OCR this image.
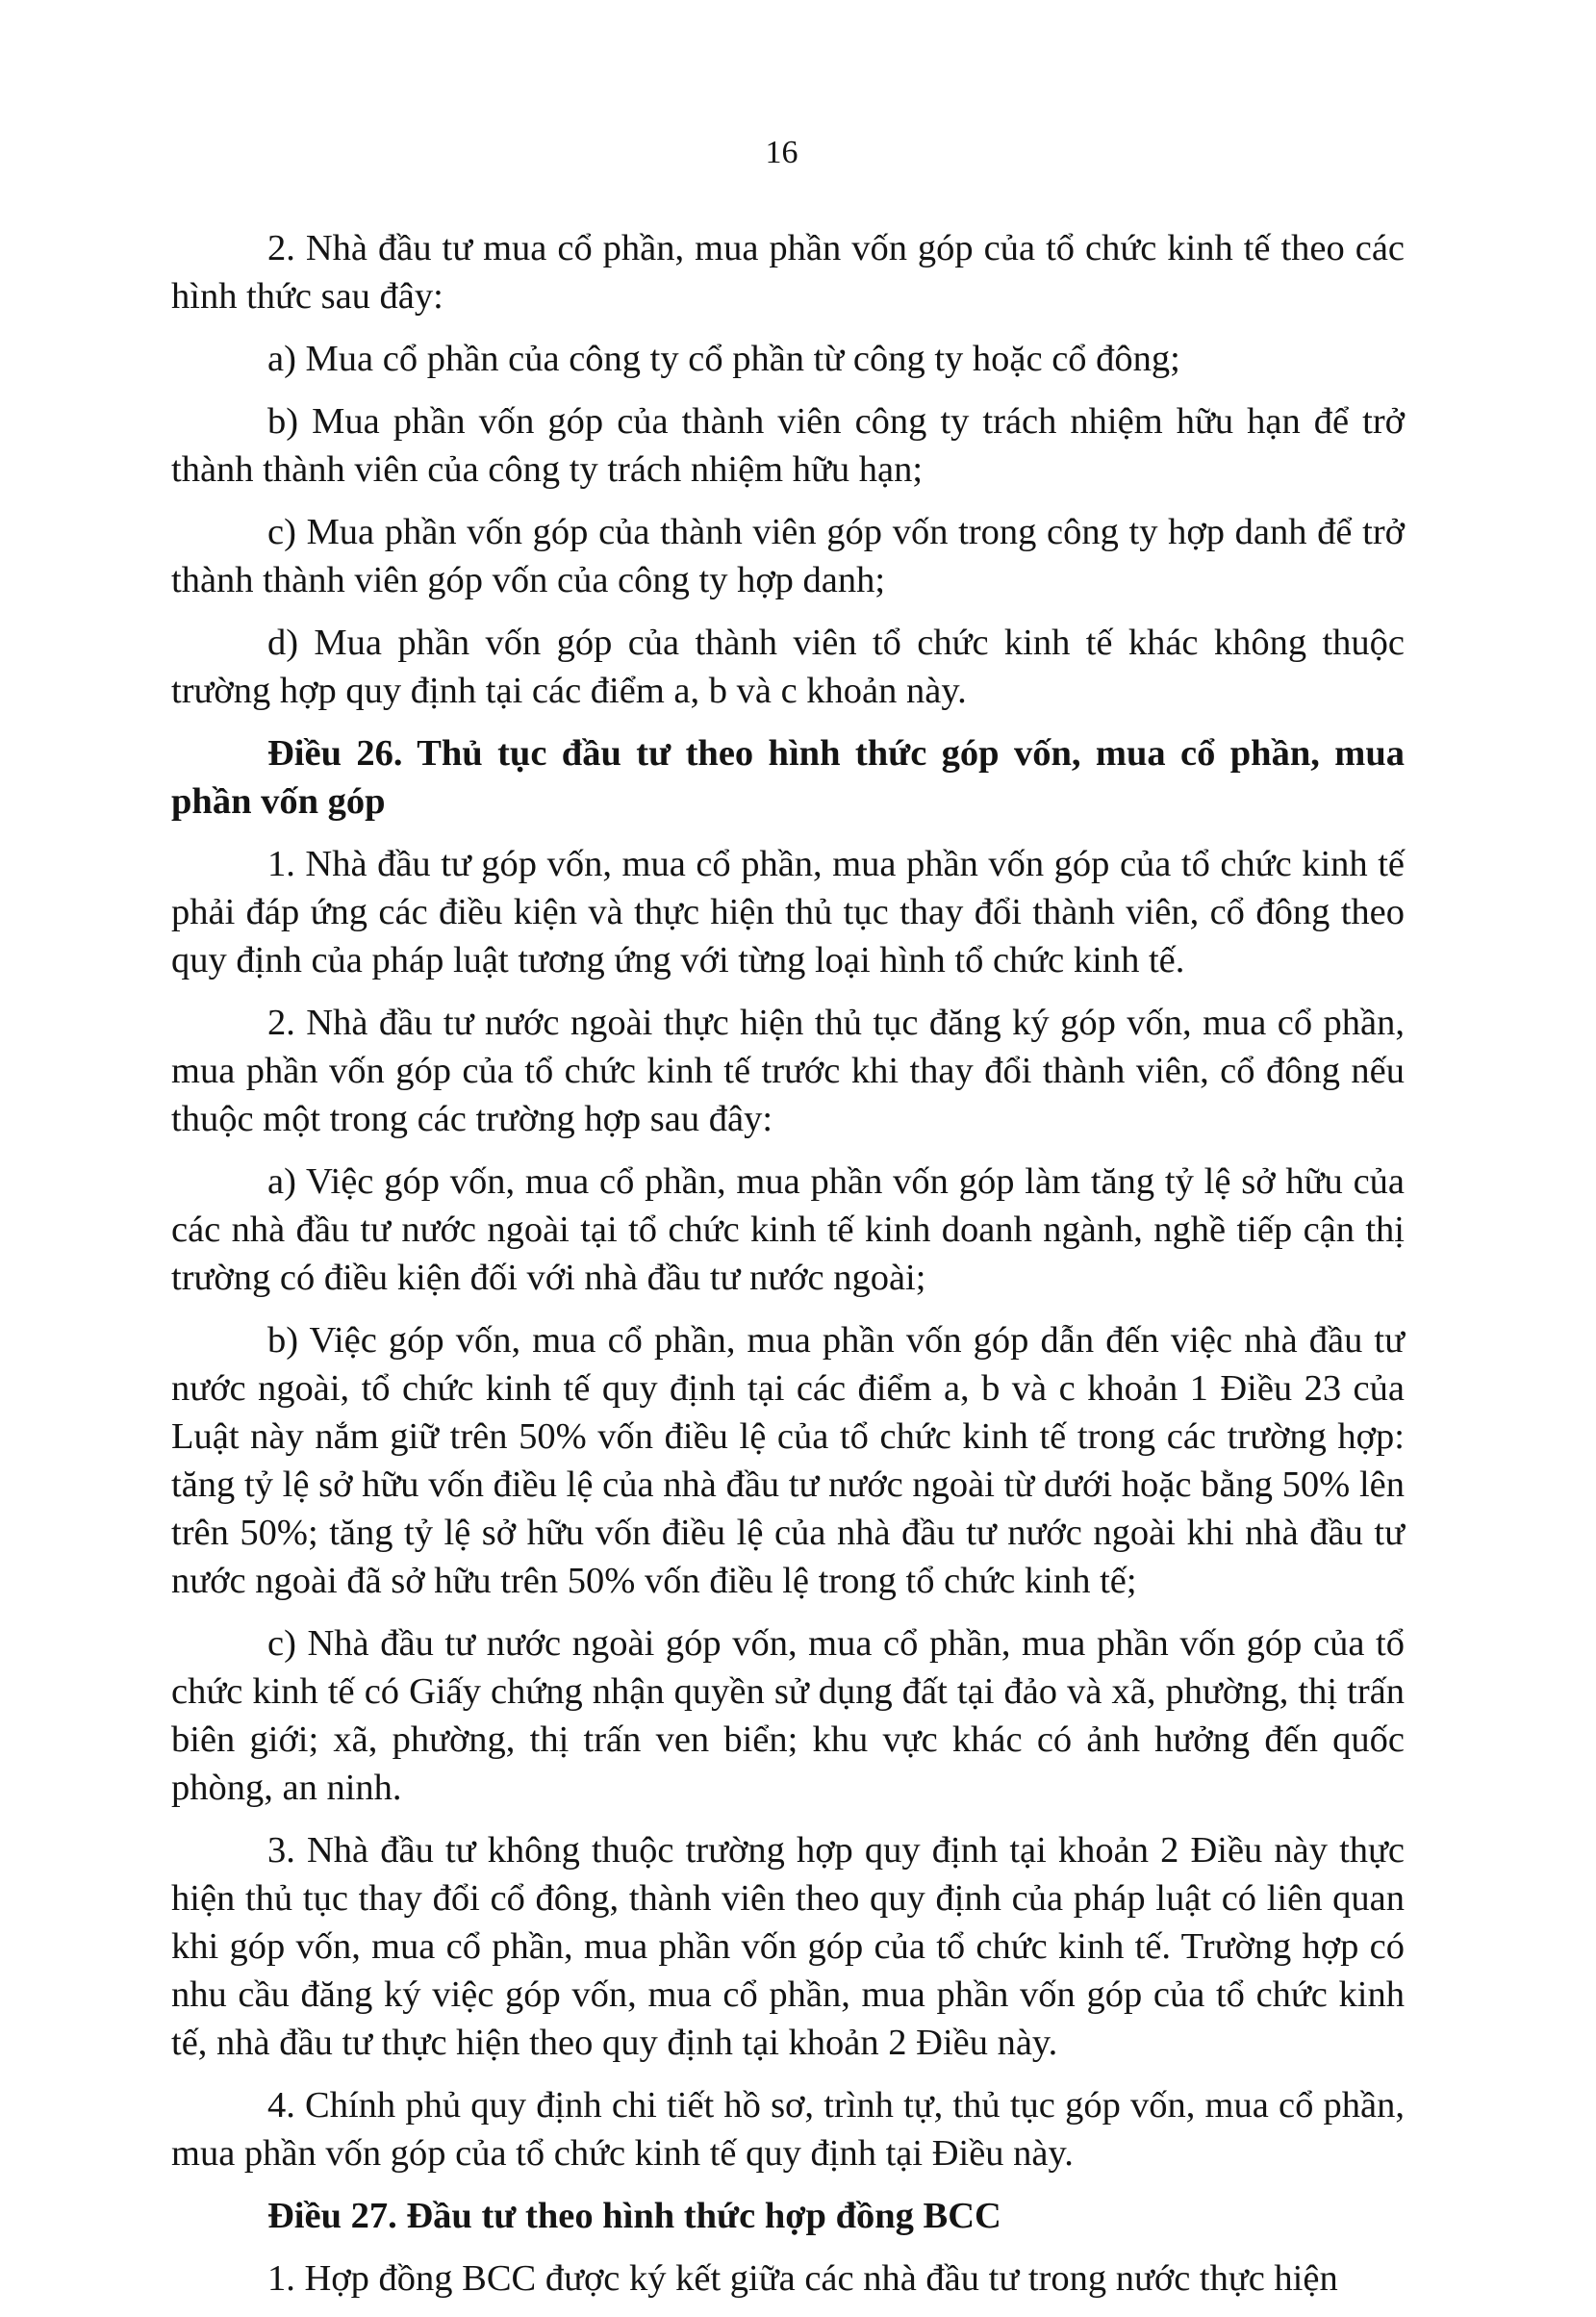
16

2. Nhà đầu tư mua cổ phần, mua phần vốn góp của tổ chức kinh tế theo các hình thức sau đây:

a) Mua cổ phần của công ty cổ phần từ công ty hoặc cổ đông;

b) Mua phần vốn góp của thành viên công ty trách nhiệm hữu hạn để trở thành thành viên của công ty trách nhiệm hữu hạn;

c) Mua phần vốn góp của thành viên góp vốn trong công ty hợp danh để trở thành thành viên góp vốn của công ty hợp danh;

d) Mua phần vốn góp của thành viên tổ chức kinh tế khác không thuộc trường hợp quy định tại các điểm a, b và c khoản này.

Điều 26. Thủ tục đầu tư theo hình thức góp vốn, mua cổ phần, mua phần vốn góp

1. Nhà đầu tư góp vốn, mua cổ phần, mua phần vốn góp của tổ chức kinh tế phải đáp ứng các điều kiện và thực hiện thủ tục thay đổi thành viên, cổ đông theo quy định của pháp luật tương ứng với từng loại hình tổ chức kinh tế.

2. Nhà đầu tư nước ngoài thực hiện thủ tục đăng ký góp vốn, mua cổ phần, mua phần vốn góp của tổ chức kinh tế trước khi thay đổi thành viên, cổ đông nếu thuộc một trong các trường hợp sau đây:

a) Việc góp vốn, mua cổ phần, mua phần vốn góp làm tăng tỷ lệ sở hữu của các nhà đầu tư nước ngoài tại tổ chức kinh tế kinh doanh ngành, nghề tiếp cận thị trường có điều kiện đối với nhà đầu tư nước ngoài;

b) Việc góp vốn, mua cổ phần, mua phần vốn góp dẫn đến việc nhà đầu tư nước ngoài, tổ chức kinh tế quy định tại các điểm a, b và c khoản 1 Điều 23 của Luật này nắm giữ trên 50% vốn điều lệ của tổ chức kinh tế trong các trường hợp: tăng tỷ lệ sở hữu vốn điều lệ của nhà đầu tư nước ngoài từ dưới hoặc bằng 50% lên trên 50%; tăng tỷ lệ sở hữu vốn điều lệ của nhà đầu tư nước ngoài khi nhà đầu tư nước ngoài đã sở hữu trên 50% vốn điều lệ trong tổ chức kinh tế;

c) Nhà đầu tư nước ngoài góp vốn, mua cổ phần, mua phần vốn góp của tổ chức kinh tế có Giấy chứng nhận quyền sử dụng đất tại đảo và xã, phường, thị trấn biên giới; xã, phường, thị trấn ven biển; khu vực khác có ảnh hưởng đến quốc phòng, an ninh.

3. Nhà đầu tư không thuộc trường hợp quy định tại khoản 2 Điều này thực hiện thủ tục thay đổi cổ đông, thành viên theo quy định của pháp luật có liên quan khi góp vốn, mua cổ phần, mua phần vốn góp của tổ chức kinh tế. Trường hợp có nhu cầu đăng ký việc góp vốn, mua cổ phần, mua phần vốn góp của tổ chức kinh tế, nhà đầu tư thực hiện theo quy định tại khoản 2 Điều này.

4. Chính phủ quy định chi tiết hồ sơ, trình tự, thủ tục góp vốn, mua cổ phần, mua phần vốn góp của tổ chức kinh tế quy định tại Điều này.

Điều 27. Đầu tư theo hình thức hợp đồng BCC

1. Hợp đồng BCC được ký kết giữa các nhà đầu tư trong nước thực hiện
